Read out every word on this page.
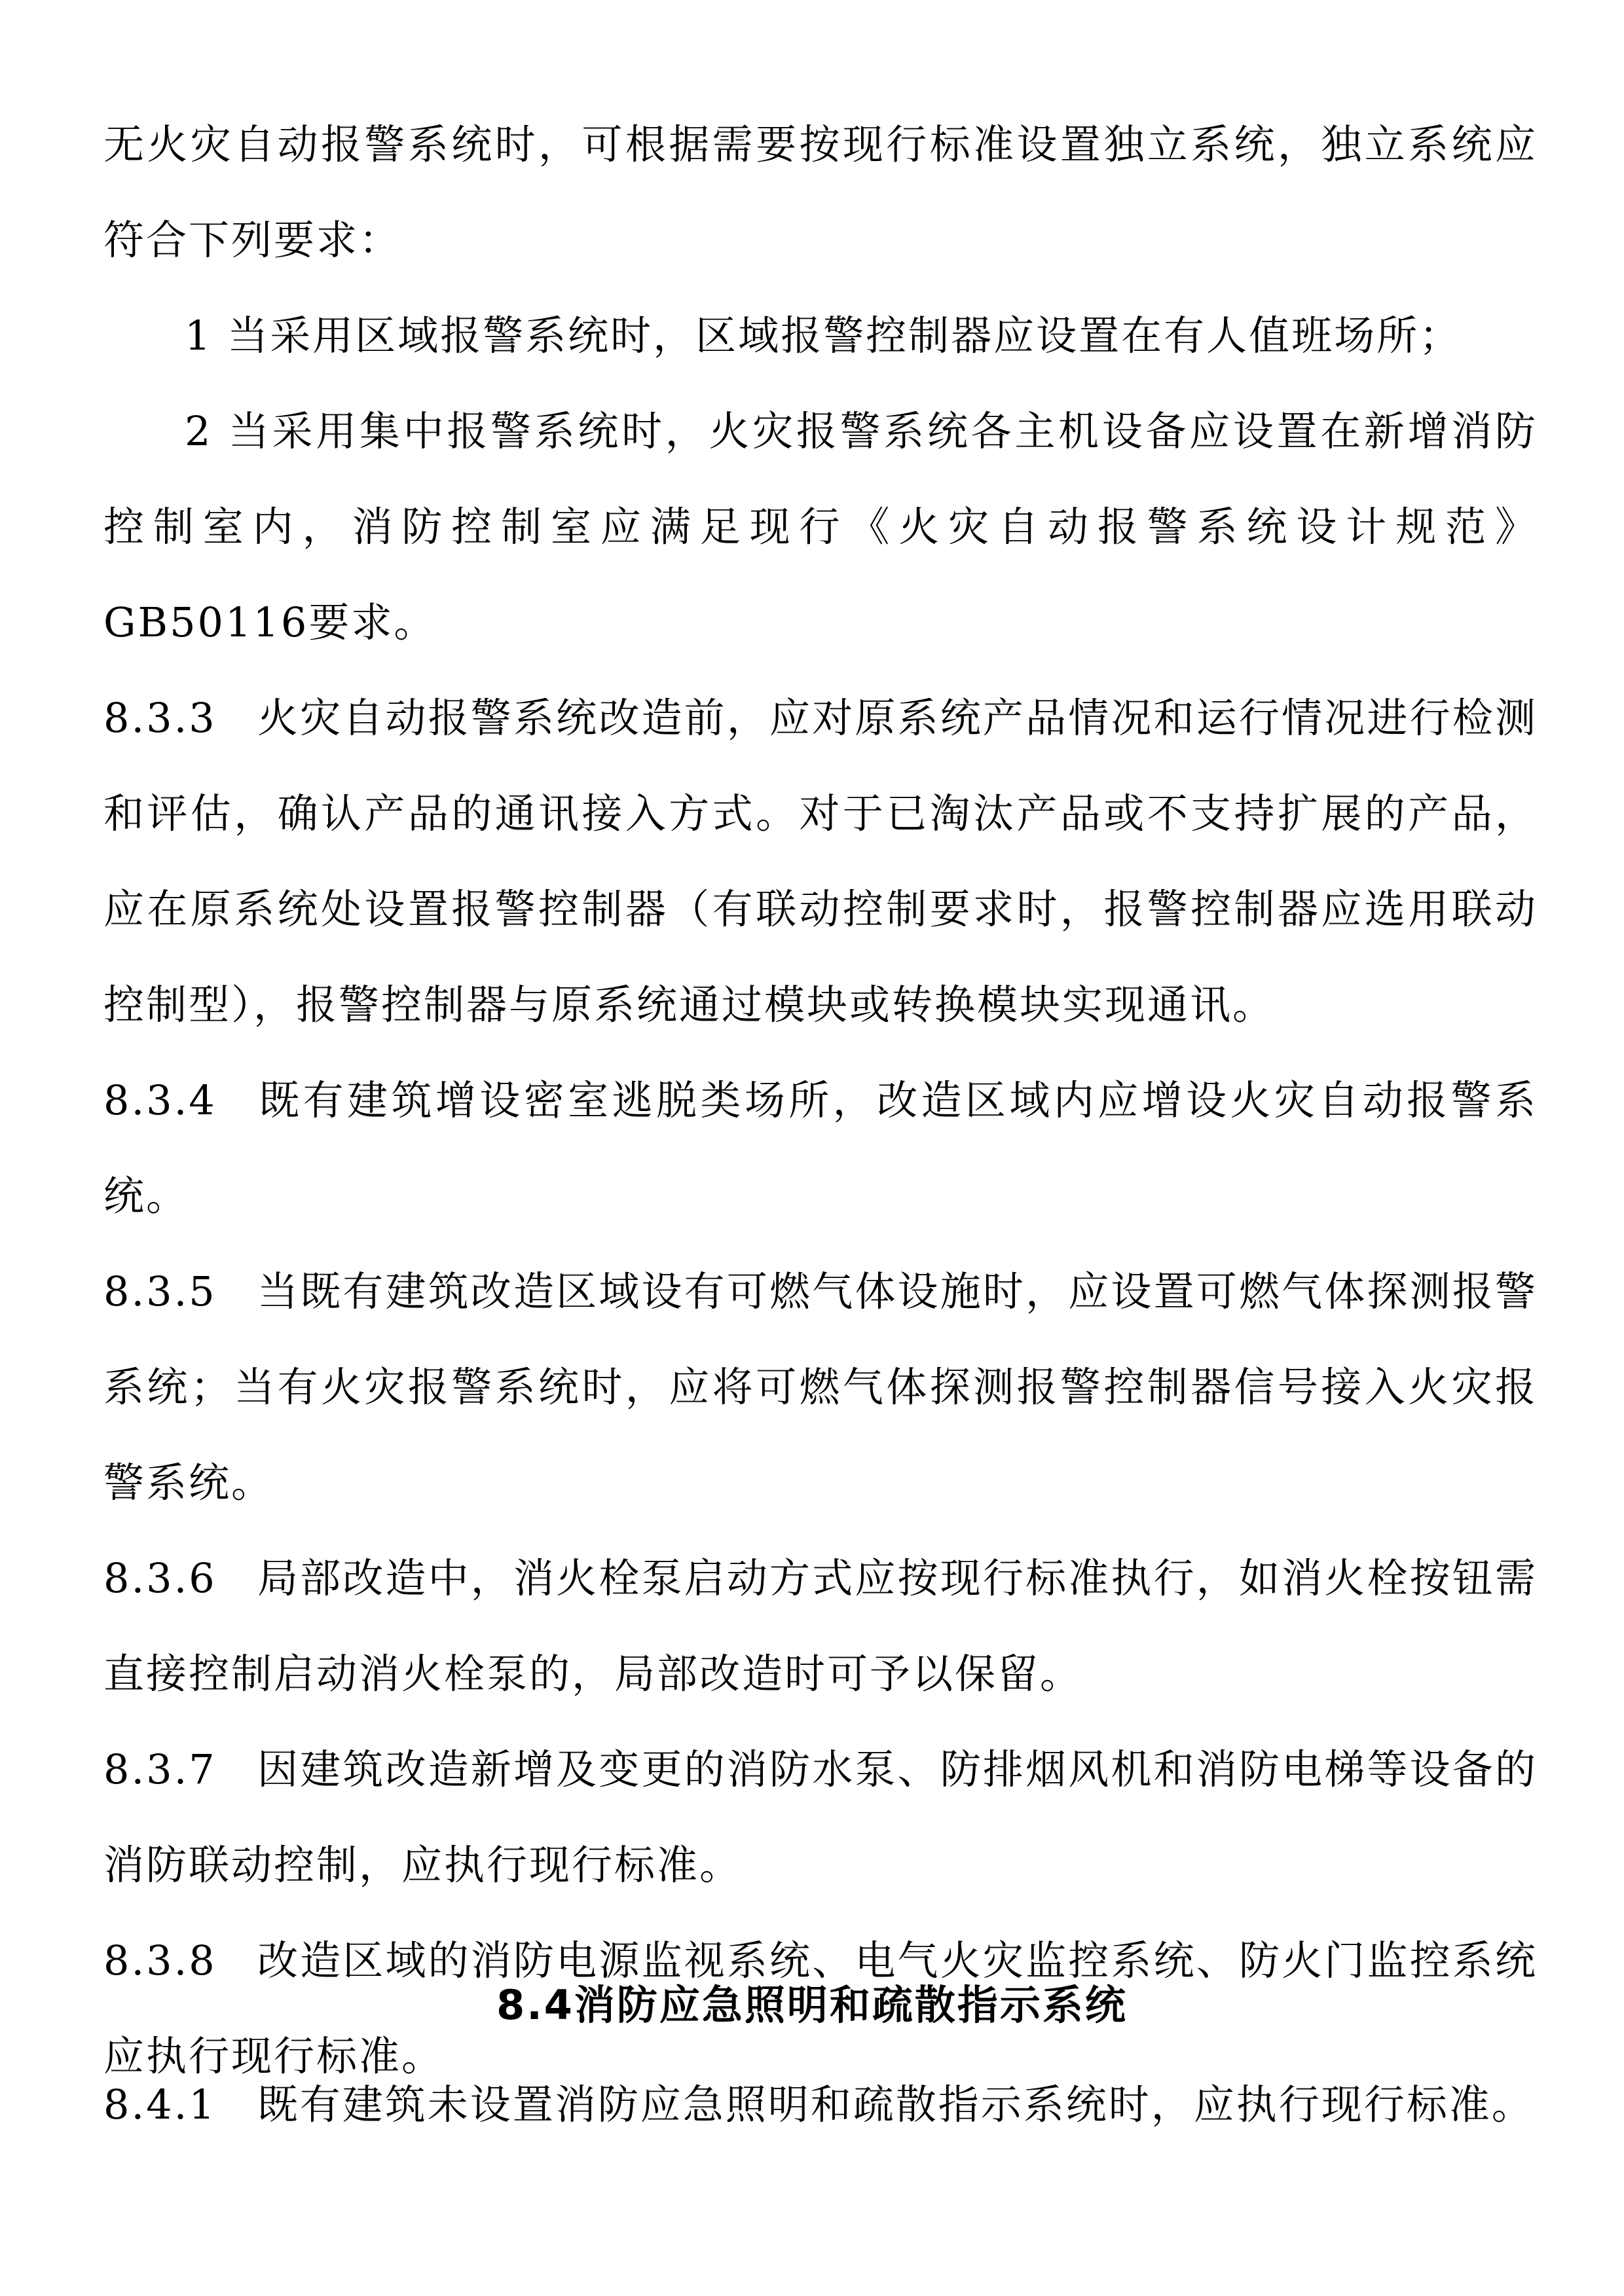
无火灾自动报警系统时，可根据需要按现行标准设置独立系统，独立系统应符合下列要求：

1 当采用区域报警系统时，区域报警控制器应设置在有人值班场所；

2 当采用集中报警系统时，火灾报警系统各主机设备应设置在新增消防控制室内，消防控制室应满足现行《火灾自动报警系统设计规范》GB50116要求。

8.3.3 火灾自动报警系统改造前，应对原系统产品情况和运行情况进行检测和评估，确认产品的通讯接入方式。对于已淘汰产品或不支持扩展的产品，应在原系统处设置报警控制器（有联动控制要求时，报警控制器应选用联动控制型），报警控制器与原系统通过模块或转换模块实现通讯。

8.3.4 既有建筑增设密室逃脱类场所，改造区域内应增设火灾自动报警系统。

8.3.5 当既有建筑改造区域设有可燃气体设施时，应设置可燃气体探测报警系统；当有火灾报警系统时，应将可燃气体探测报警控制器信号接入火灾报警系统。

8.3.6 局部改造中，消火栓泵启动方式应按现行标准执行，如消火栓按钮需直接控制启动消火栓泵的，局部改造时可予以保留。

8.3.7 因建筑改造新增及变更的消防水泵、防排烟风机和消防电梯等设备的消防联动控制，应执行现行标准。

8.3.8 改造区域的消防电源监视系统、电气火灾监控系统、防火门监控系统应执行现行标准。

8.4消防应急照明和疏散指示系统

8.4.1 既有建筑未设置消防应急照明和疏散指示系统时，应执行现行标准。
